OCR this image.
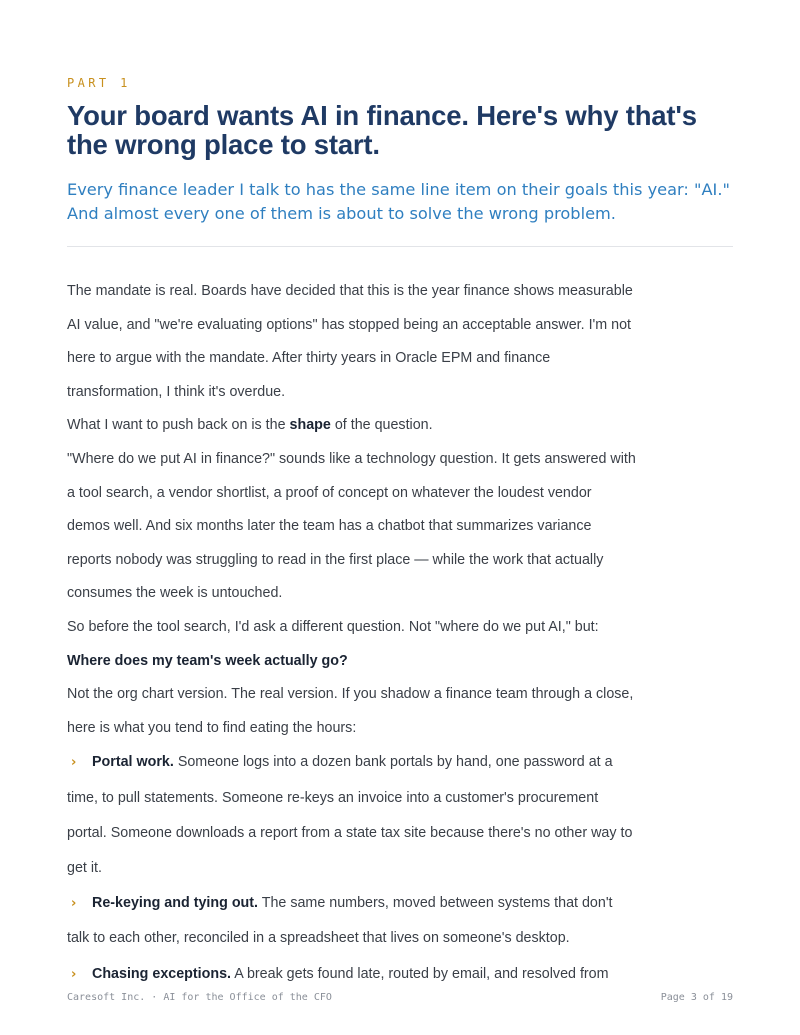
PART 1
Your board wants AI in finance. Here's why that's the wrong place to start.

Every finance leader I talk to has the same line item on their goals this year: "AI." And almost every one of them is about to solve the wrong problem.

The mandate is real. Boards have decided that this is the year finance shows measurable AI value, and "we're evaluating options" has stopped being an acceptable answer. I'm not here to argue with the mandate. After thirty years in Oracle EPM and finance transformation, I think it's overdue.

What I want to push back on is the shape of the question.

"Where do we put AI in finance?" sounds like a technology question. It gets answered with a tool search, a vendor shortlist, a proof of concept on whatever the loudest vendor demos well. And six months later the team has a chatbot that summarizes variance reports nobody was struggling to read in the first place — while the work that actually consumes the week is untouched.

So before the tool search, I'd ask a different question. Not "where do we put AI," but:

Where does my team's week actually go?

Not the org chart version. The real version. If you shadow a finance team through a close, here is what you tend to find eating the hours:

› Portal work. Someone logs into a dozen bank portals by hand, one password at a time, to pull statements. Someone re-keys an invoice into a customer's procurement portal. Someone downloads a report from a state tax site because there's no other way to get it.

› Re-keying and tying out. The same numbers, moved between systems that don't talk to each other, reconciled in a spreadsheet that lives on someone's desktop.

› Chasing exceptions. A break gets found late, routed by email, and resolved from

Caresoft Inc. · AI for the Office of the CFO	Page 3 of 19
